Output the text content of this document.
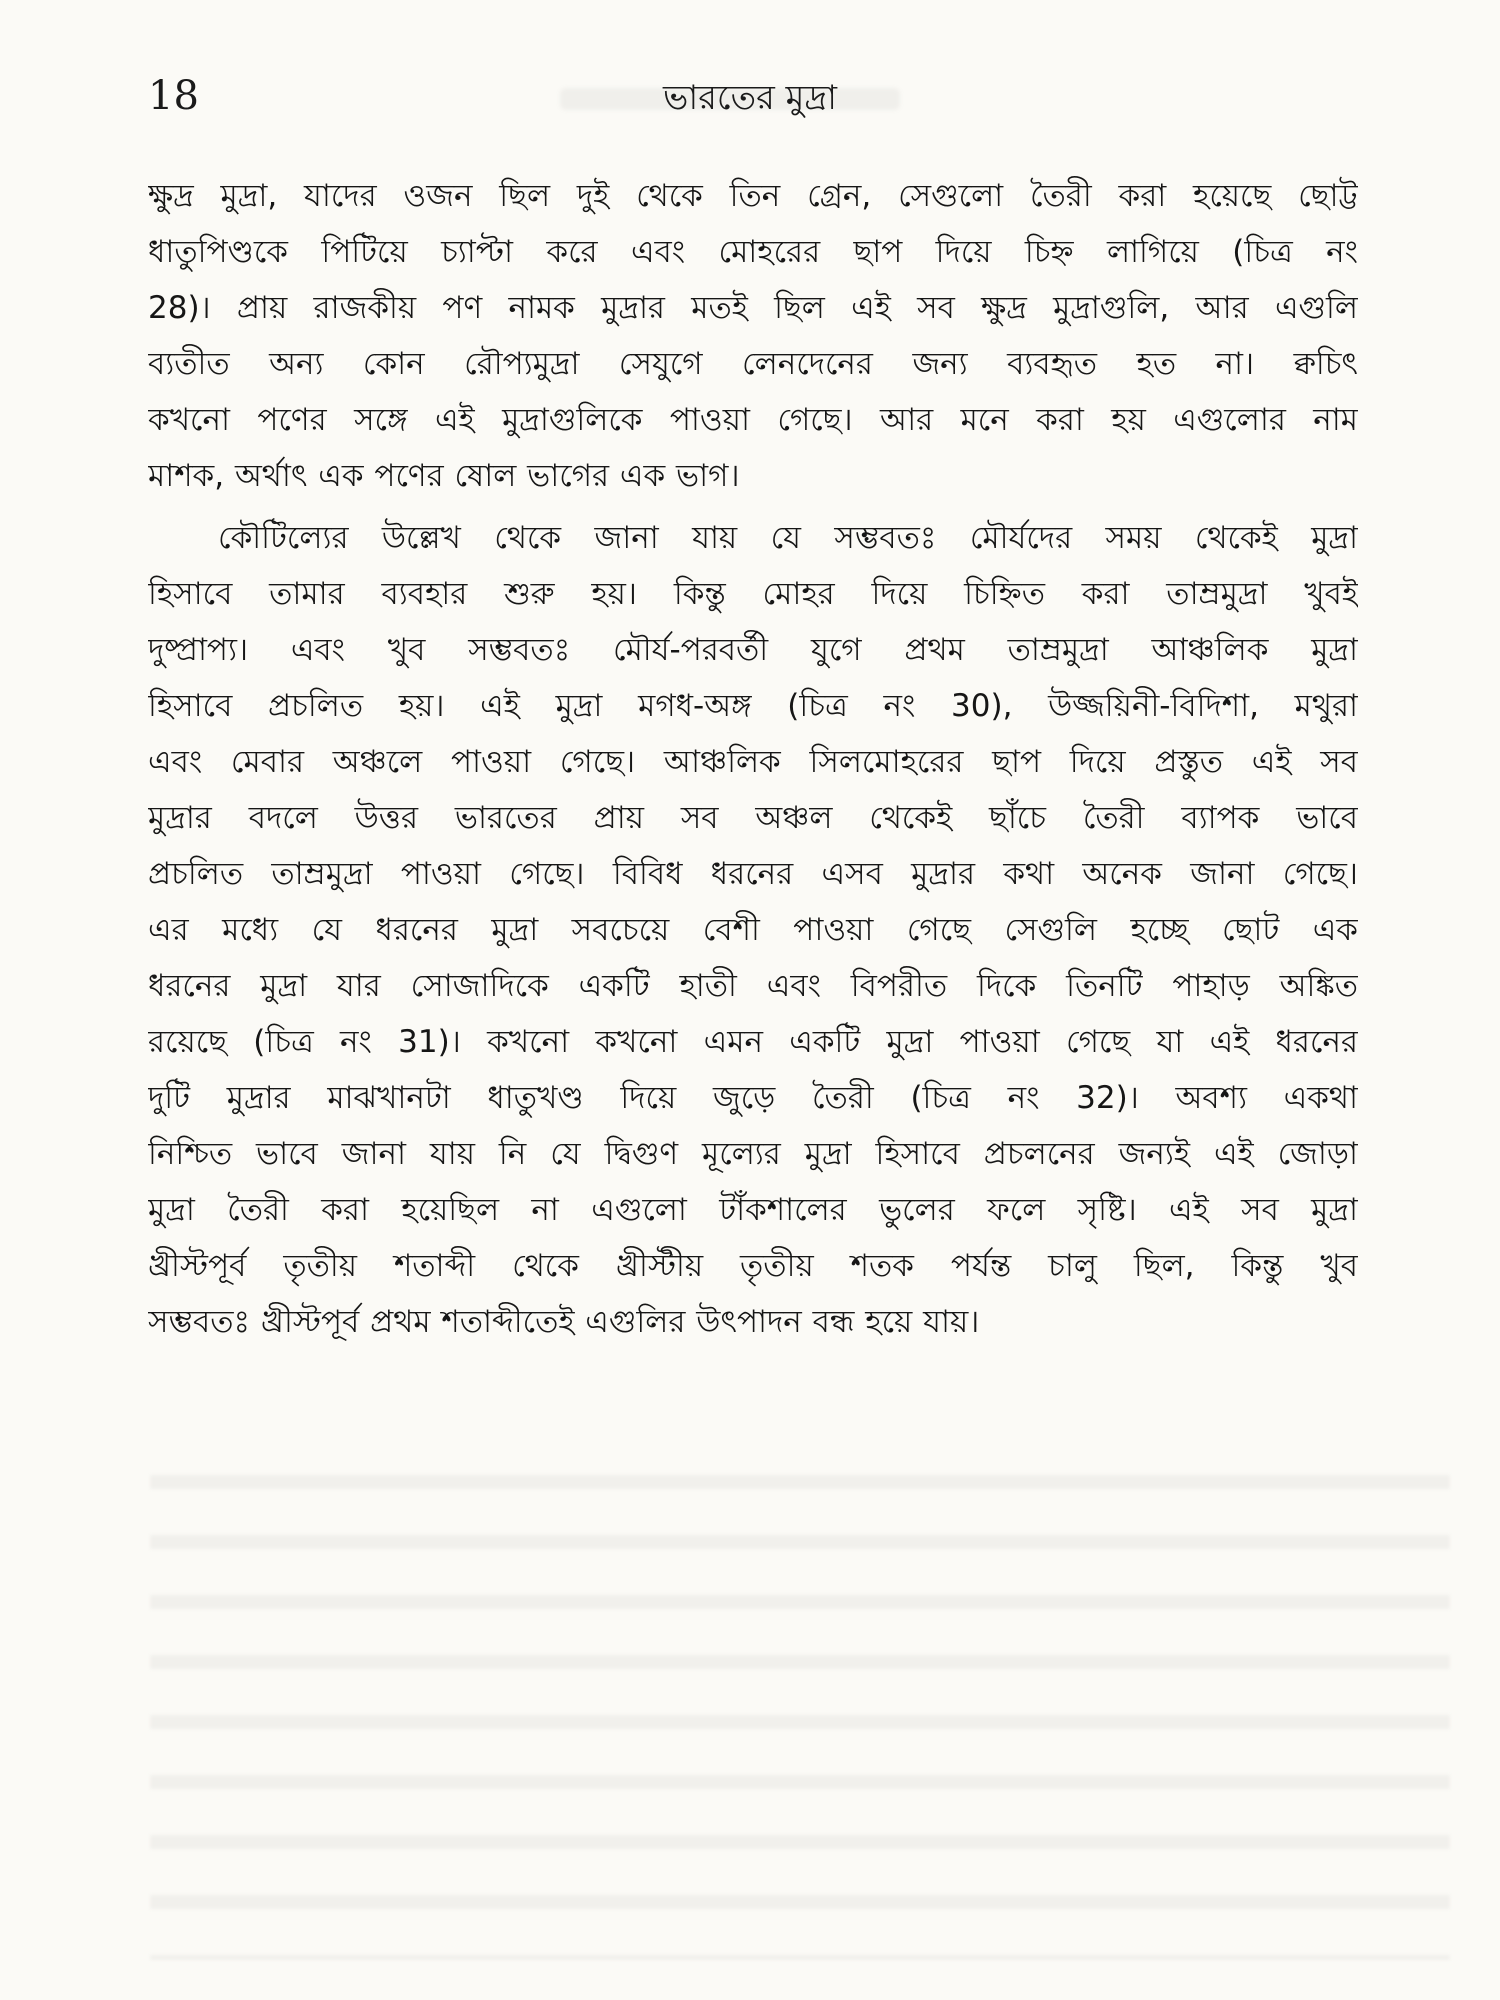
18	ভারতের মুদ্রা
ক্ষুদ্র মুদ্রা, যাদের ওজন ছিল দুই থেকে তিন গ্রেন, সেগুলো তৈরী করা হয়েছে ছোট্ট
ধাতুপিণ্ডকে পিটিয়ে চ্যাপ্টা করে এবং মোহরের ছাপ দিয়ে চিহ্ন লাগিয়ে (চিত্র নং
28)। প্রায় রাজকীয় পণ নামক মুদ্রার মতই ছিল এই সব ক্ষুদ্র মুদ্রাগুলি, আর এগুলি
ব্যতীত অন্য কোন রৌপ্যমুদ্রা সেযুগে লেনদেনের জন্য ব্যবহৃত হত না। ক্বচিৎ
কখনো পণের সঙ্গে এই মুদ্রাগুলিকে পাওয়া গেছে। আর মনে করা হয় এগুলোর নাম
মাশক, অর্থাৎ এক পণের ষোল ভাগের এক ভাগ।
কৌটিল্যের উল্লেখ থেকে জানা যায় যে সম্ভবতঃ মৌর্যদের সময় থেকেই মুদ্রা
হিসাবে তামার ব্যবহার শুরু হয়। কিন্তু মোহর দিয়ে চিহ্নিত করা তাম্রমুদ্রা খুবই
দুষ্প্রাপ্য। এবং খুব সম্ভবতঃ মৌর্য-পরবর্তী যুগে প্রথম তাম্রমুদ্রা আঞ্চলিক মুদ্রা
হিসাবে প্রচলিত হয়। এই মুদ্রা মগধ-অঙ্গ (চিত্র নং 30), উজ্জয়িনী-বিদিশা, মথুরা
এবং মেবার অঞ্চলে পাওয়া গেছে। আঞ্চলিক সিলমোহরের ছাপ দিয়ে প্রস্তুত এই সব
মুদ্রার বদলে উত্তর ভারতের প্রায় সব অঞ্চল থেকেই ছাঁচে তৈরী ব্যাপক ভাবে
প্রচলিত তাম্রমুদ্রা পাওয়া গেছে। বিবিধ ধরনের এসব মুদ্রার কথা অনেক জানা গেছে।
এর মধ্যে যে ধরনের মুদ্রা সবচেয়ে বেশী পাওয়া গেছে সেগুলি হচ্ছে ছোট এক
ধরনের মুদ্রা যার সোজাদিকে একটি হাতী এবং বিপরীত দিকে তিনটি পাহাড় অঙ্কিত
রয়েছে (চিত্র নং 31)। কখনো কখনো এমন একটি মুদ্রা পাওয়া গেছে যা এই ধরনের
দুটি মুদ্রার মাঝখানটা ধাতুখণ্ড দিয়ে জুড়ে তৈরী (চিত্র নং 32)। অবশ্য একথা
নিশ্চিত ভাবে জানা যায় নি যে দ্বিগুণ মূল্যের মুদ্রা হিসাবে প্রচলনের জন্যই এই জোড়া
মুদ্রা তৈরী করা হয়েছিল না এগুলো টাঁকশালের ভুলের ফলে সৃষ্টি। এই সব মুদ্রা
খ্রীস্টপূর্ব তৃতীয় শতাব্দী থেকে খ্রীস্টীয় তৃতীয় শতক পর্যন্ত চালু ছিল, কিন্তু খুব
সম্ভবতঃ খ্রীস্টপূর্ব প্রথম শতাব্দীতেই এগুলির উৎপাদন বন্ধ হয়ে যায়।
